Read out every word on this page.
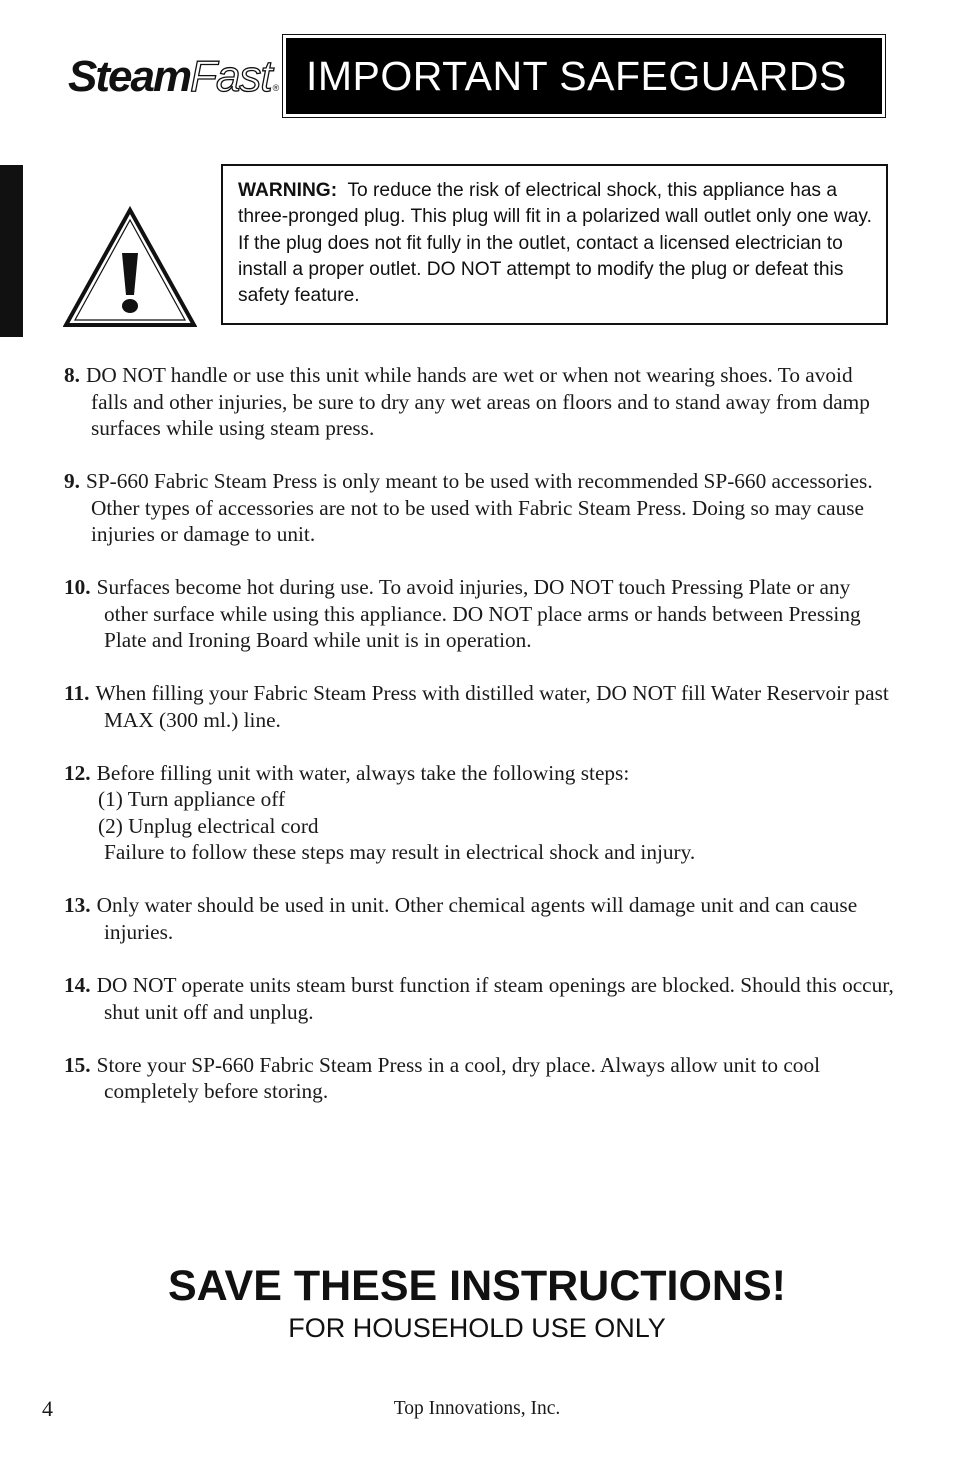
Steam Fast ® IMPORTANT SAFEGUARDS
WARNING: To reduce the risk of electrical shock, this appliance has a three-pronged plug. This plug will fit in a polarized wall outlet only one way. If the plug does not fit fully in the outlet, contact a licensed electrician to install a proper outlet. DO NOT attempt to modify the plug or defeat this safety feature.
8. DO NOT handle or use this unit while hands are wet or when not wearing shoes. To avoid falls and other injuries, be sure to dry any wet areas on floors and to stand away from damp surfaces while using steam press.
9. SP-660 Fabric Steam Press is only meant to be used with recommended SP-660 accessories. Other types of accessories are not to be used with Fabric Steam Press. Doing so may cause injuries or damage to unit.
10. Surfaces become hot during use. To avoid injuries, DO NOT touch Pressing Plate or any other surface while using this appliance. DO NOT place arms or hands between Pressing Plate and Ironing Board while unit is in operation.
11. When filling your Fabric Steam Press with distilled water, DO NOT fill Water Reservoir past MAX (300 ml.) line.
12. Before filling unit with water, always take the following steps:
(1) Turn appliance off
(2) Unplug electrical cord
Failure to follow these steps may result in electrical shock and injury.
13. Only water should be used in unit. Other chemical agents will damage unit and can cause injuries.
14. DO NOT operate units steam burst function if steam openings are blocked. Should this occur, shut unit off and unplug.
15. Store your SP-660 Fabric Steam Press in a cool, dry place. Always allow unit to cool completely before storing.
SAVE THESE INSTRUCTIONS!
FOR HOUSEHOLD USE ONLY
4	Top Innovations, Inc.
